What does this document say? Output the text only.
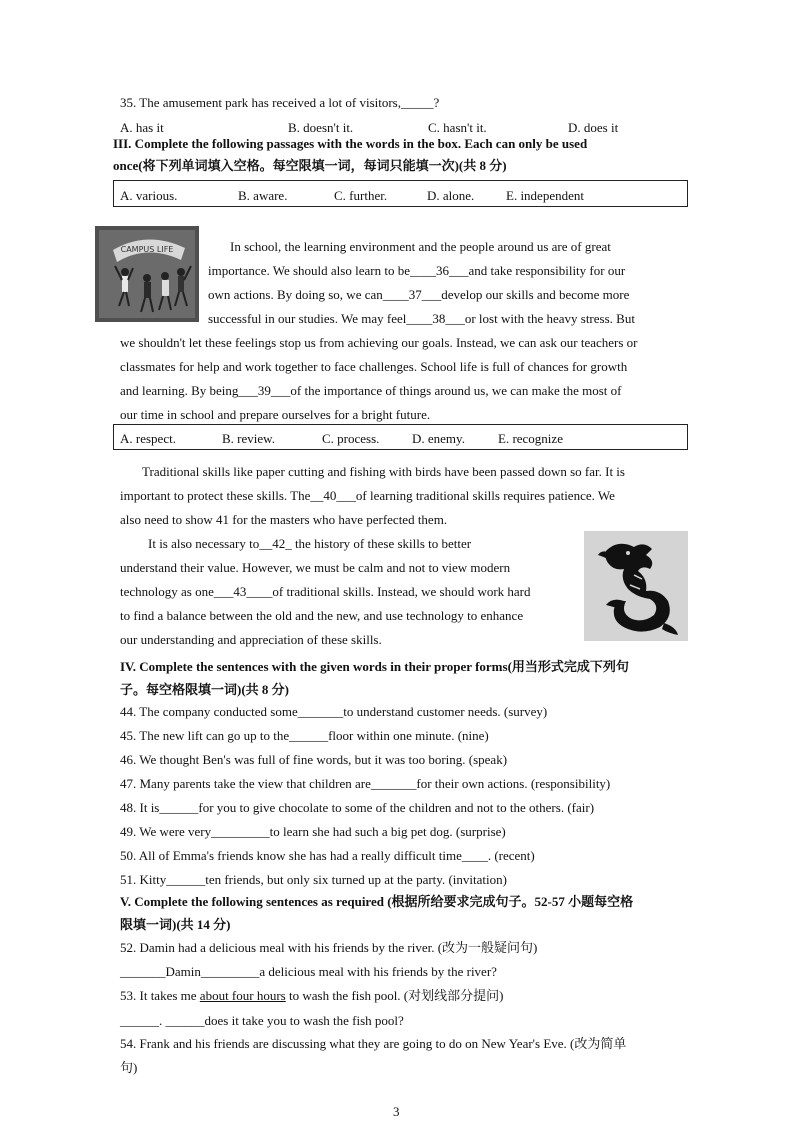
35. The amusement park has received a lot of visitors,_____?
A. has it	B. doesn't it.	C. hasn't it.	D. does it
III. Complete the following passages with the words in the box. Each can only be used
once(将下列单词填入空格。每空限填一词，每词只能填一次)(共 8 分)
A. various.	B. aware.	C. further.	D. alone. E. independent
CAMPUS LIFE	In school, the learning environment and the people around us are of great
importance. We should also learn to be____36___and take responsibility for our
own actions. By doing so, we can____37___develop our skills and become more
successful in our studies. We may feel____38___or lost with the heavy stress. But
we shouldn't let these feelings stop us from achieving our goals. Instead, we can ask our teachers or
classmates for help and work together to face challenges. School life is full of chances for growth
and learning. By being___39___of the importance of things around us, we can make the most of
our time in school and prepare ourselves for a bright future.
A. respect.	B. review.	C. process.	D. enemy.	E. recognize
Traditional skills like paper cutting and fishing with birds have been passed down so far. It is
important to protect these skills. The__40___of learning traditional skills requires patience. We
also need to show 41 for the masters who have perfected them.
It is also necessary to__42_ the history of these skills to better
understand their value. However, we must be calm and not to view modern
technology as one___43____of traditional skills. Instead, we should work hard
to find a balance between the old and the new, and use technology to enhance
our understanding and appreciation of these skills.
IV. Complete the sentences with the given words in their proper forms(用当形式完成下列句
子。每空格限填一词)(共 8 分)
44. The company conducted some_______to understand customer needs. (survey)
45. The new lift can go up to the______floor within one minute. (nine)
46. We thought Ben's was full of fine words, but it was too boring. (speak)
47. Many parents take the view that children are_______for their own actions. (responsibility)
48. It is______for you to give chocolate to some of the children and not to the others. (fair)
49. We were very_________to learn she had such a big pet dog. (surprise)
50. All of Emma's friends know she has had a really difficult time____. (recent)
51. Kitty______ten friends, but only six turned up at the party. (invitation)
V. Complete the following sentences as required (根据所给要求完成句子。52-57 小题每空格
限填一词)(共 14 分)
52. Damin had a delicious meal with his friends by the river. (改为一般疑问句)
_______Damin_________a delicious meal with his friends by the river?
53. It takes me about four hours to wash the fish pool. (对划线部分提问)
______. ______does it take you to wash the fish pool?
54. Frank and his friends are discussing what they are going to do on New Year's Eve. (改为简单
句)
3
